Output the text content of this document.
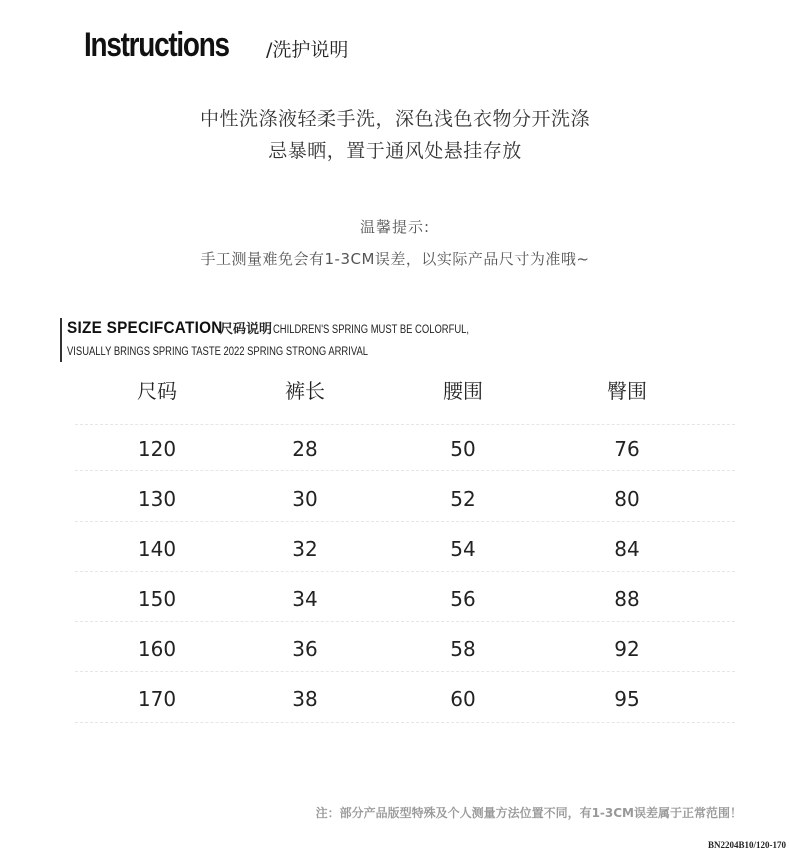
Instructions /洗护说明
中性洗涤液轻柔手洗，深色浅色衣物分开洗涤
忌暴晒，置于通风处悬挂存放
温馨提示:
手工测量难免会有1-3CM误差，以实际产品尺寸为准哦~
SIZE SPECIFCATION
尺码说明 CHILDREN'S SPRING MUST BE COLORFUL,
VISUALLY BRINGS SPRING TASTE 2022 SPRING STRONG ARRIVAL
尺码	裤长	腰围	臀围
120	28	50	76
130	30	52	80
140	32	54	84
150	34	56	88
160	36	58	92
170	38	60	95
注：部分产品版型特殊及个人测量方法位置不同，有1-3CM误差属于正常范围！
BN2204B10/120-170
